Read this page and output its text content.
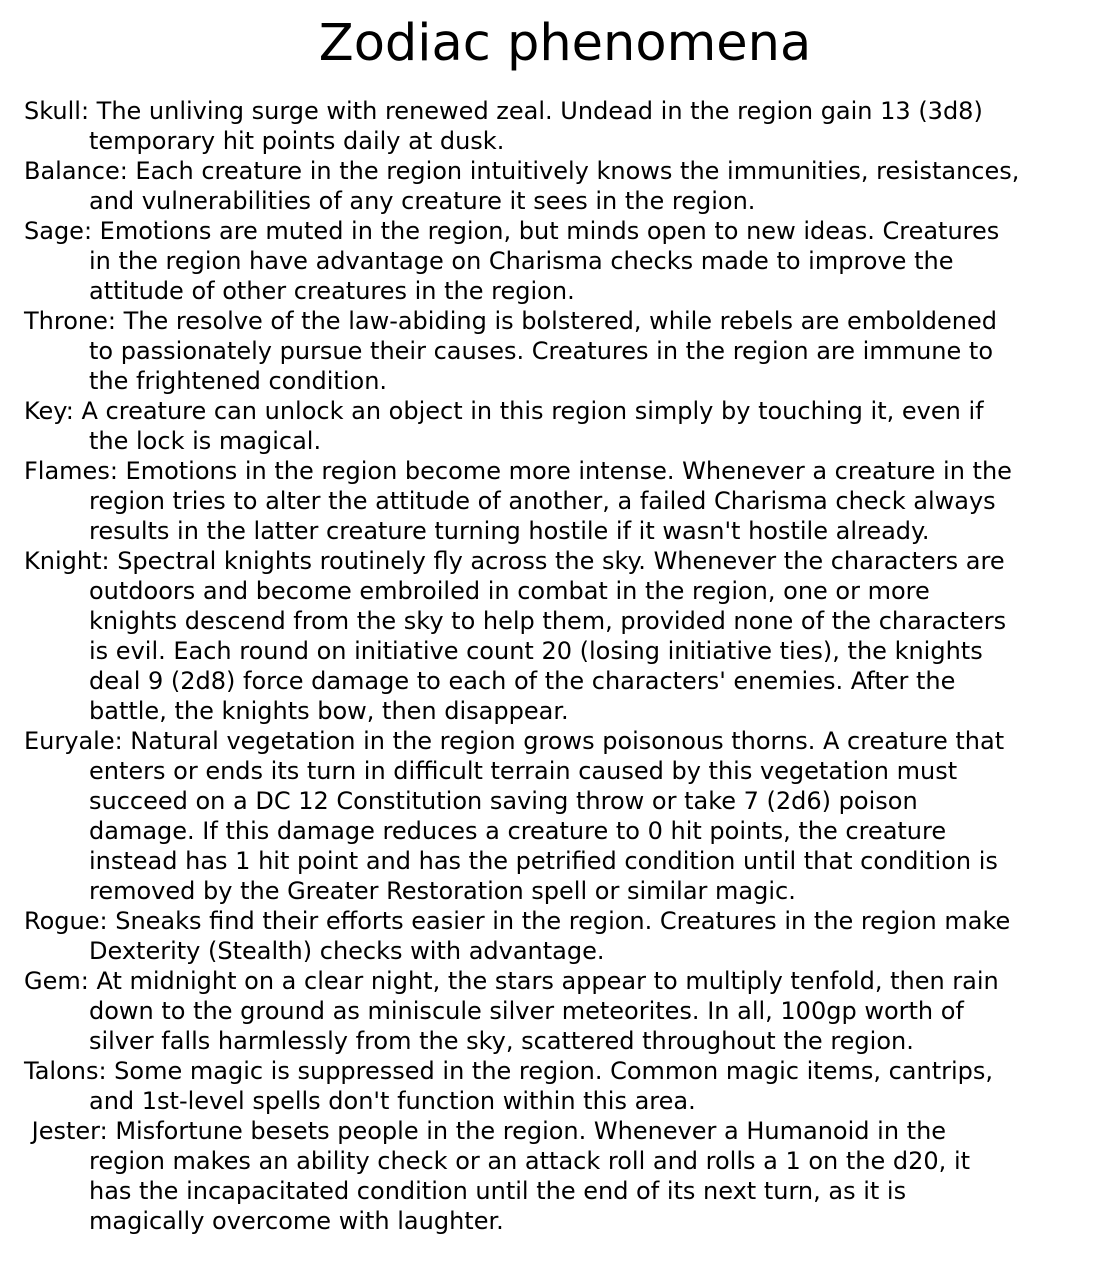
Zodiac phenomena
Skull: The unliving surge with renewed zeal. Undead in the region gain 13 (3d8)
temporary hit points daily at dusk.
Balance: Each creature in the region intuitively knows the immunities, resistances,
and vulnerabilities of any creature it sees in the region.
Sage: Emotions are muted in the region, but minds open to new ideas. Creatures
in the region have advantage on Charisma checks made to improve the
attitude of other creatures in the region.
Throne: The resolve of the law-abiding is bolstered, while rebels are emboldened
to passionately pursue their causes. Creatures in the region are immune to
the frightened condition.
Key: A creature can unlock an object in this region simply by touching it, even if
the lock is magical.
Flames: Emotions in the region become more intense. Whenever a creature in the
region tries to alter the attitude of another, a failed Charisma check always
results in the latter creature turning hostile if it wasn't hostile already.
Knight: Spectral knights routinely fly across the sky. Whenever the characters are
outdoors and become embroiled in combat in the region, one or more
knights descend from the sky to help them, provided none of the characters
is evil. Each round on initiative count 20 (losing initiative ties), the knights
deal 9 (2d8) force damage to each of the characters' enemies. After the
battle, the knights bow, then disappear.
Euryale: Natural vegetation in the region grows poisonous thorns. A creature that
enters or ends its turn in difficult terrain caused by this vegetation must
succeed on a DC 12 Constitution saving throw or take 7 (2d6) poison
damage. If this damage reduces a creature to 0 hit points, the creature
instead has 1 hit point and has the petrified condition until that condition is
removed by the Greater Restoration spell or similar magic.
Rogue: Sneaks find their efforts easier in the region. Creatures in the region make
Dexterity (Stealth) checks with advantage.
Gem: At midnight on a clear night, the stars appear to multiply tenfold, then rain
down to the ground as miniscule silver meteorites. In all, 100gp worth of
silver falls harmlessly from the sky, scattered throughout the region.
Talons: Some magic is suppressed in the region. Common magic items, cantrips,
and 1st-level spells don't function within this area.
Jester: Misfortune besets people in the region. Whenever a Humanoid in the
region makes an ability check or an attack roll and rolls a 1 on the d20, it
has the incapacitated condition until the end of its next turn, as it is
magically overcome with laughter.
